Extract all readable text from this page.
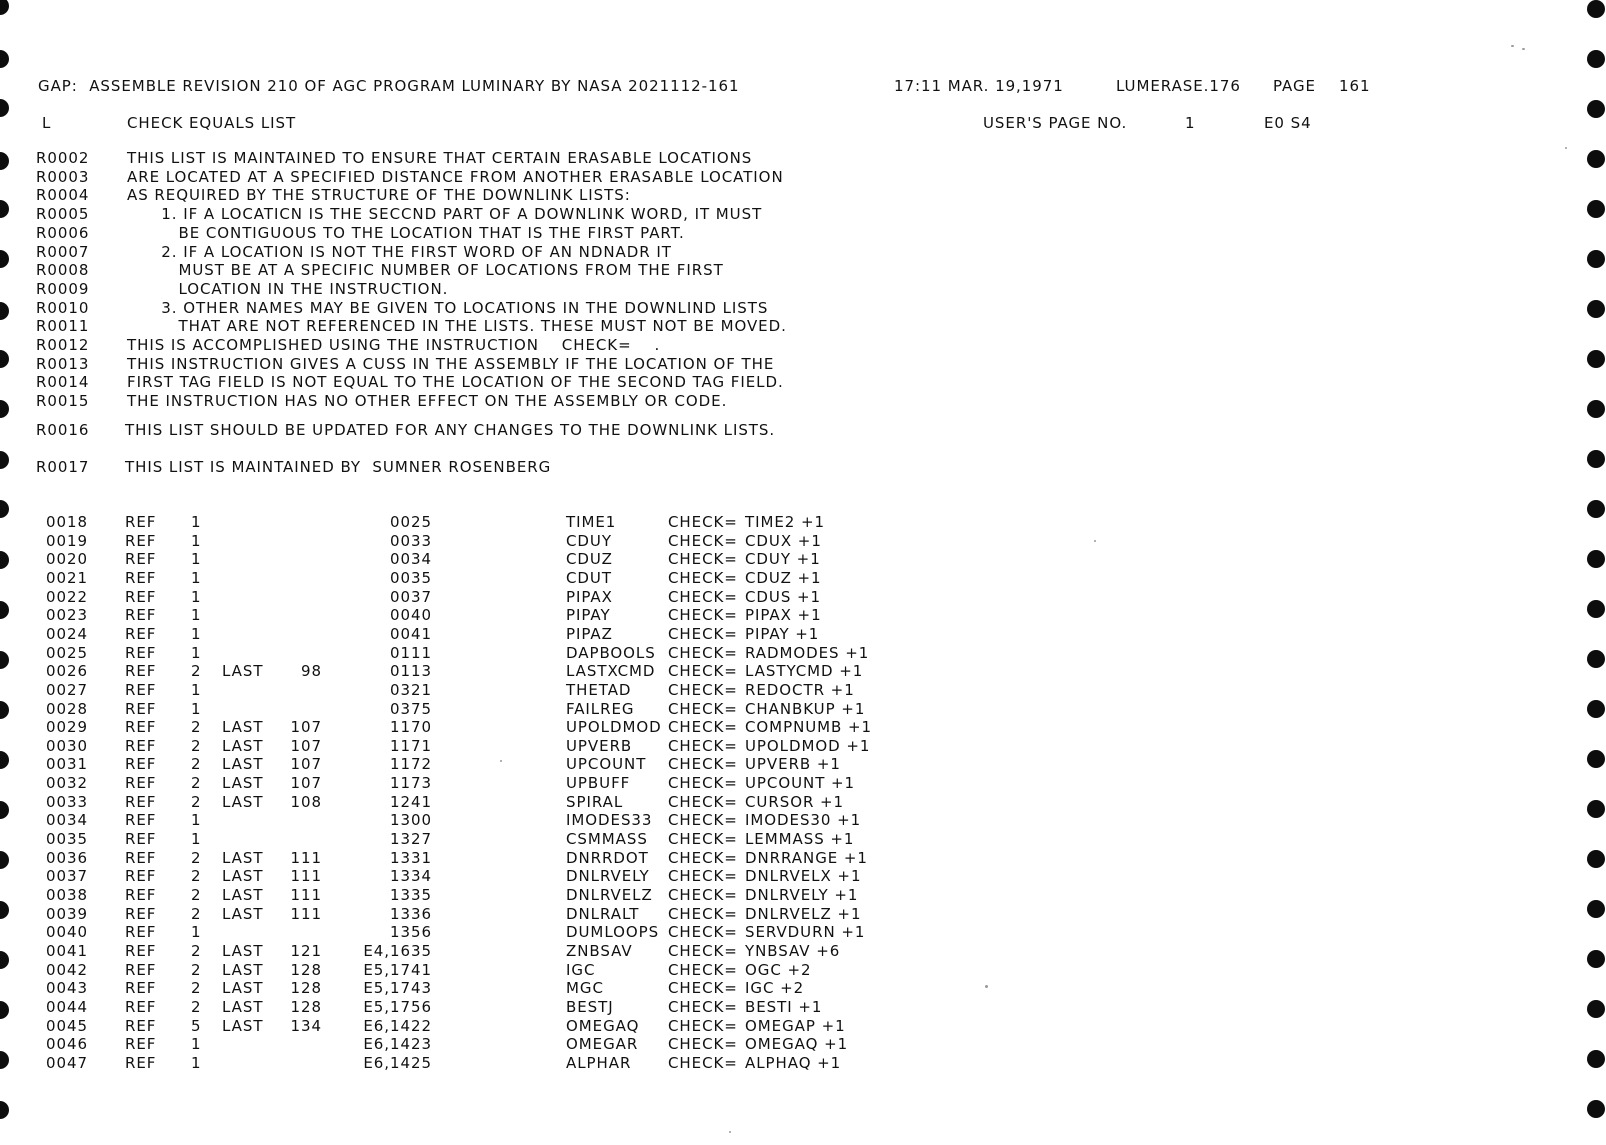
GAP:  ASSEMBLE REVISION 210 OF AGC PROGRAM LUMINARY BY NASA 2021112-161	17:11 MAR. 19,1971	LUMERASE.176 PAGE 161
L	CHECK EQUALS LIST	USER'S PAGE NO.	1	E0 S4
R0002	THIS LIST IS MAINTAINED TO ENSURE THAT CERTAIN ERASABLE LOCATIONS
R0003	ARE LOCATED AT A SPECIFIED DISTANCE FROM ANOTHER ERASABLE LOCATION
R0004	AS REQUIRED BY THE STRUCTURE OF THE DOWNLINK LISTS:
R0005	1. IF A LOCATICN IS THE SECCND PART OF A DOWNLINK WORD, IT MUST
R0006	BE CONTIGUOUS TO THE LOCATION THAT IS THE FIRST PART.
R0007	2. IF A LOCATION IS NOT THE FIRST WORD OF AN NDNADR IT
R0008	MUST BE AT A SPECIFIC NUMBER OF LOCATIONS FROM THE FIRST
R0009	LOCATION IN THE INSTRUCTION.
R0010	3. OTHER NAMES MAY BE GIVEN TO LOCATIONS IN THE DOWNLIND LISTS
R0011	THAT ARE NOT REFERENCED IN THE LISTS. THESE MUST NOT BE MOVED.
R0012	THIS IS ACCOMPLISHED USING THE INSTRUCTION    CHECK=    .
R0013	THIS INSTRUCTION GIVES A CUSS IN THE ASSEMBLY IF THE LOCATION OF THE
R0014	FIRST TAG FIELD IS NOT EQUAL TO THE LOCATION OF THE SECOND TAG FIELD.
R0015	THE INSTRUCTION HAS NO OTHER EFFECT ON THE ASSEMBLY OR CODE.
R0016 THIS LIST SHOULD BE UPDATED FOR ANY CHANGES TO THE DOWNLINK LISTS.
R0017 THIS LIST IS MAINTAINED BY  SUMNER ROSENBERG
0018 REF 1	0025	TIME1	CHECK= TIME2 +1
0019 REF 1	0033	CDUY	CHECK= CDUX +1
0020 REF 1	0034	CDUZ	CHECK= CDUY +1
0021 REF 1	0035	CDUT	CHECK= CDUZ +1
0022 REF 1	0037	PIPAX	CHECK= CDUS +1
0023 REF 1	0040	PIPAY	CHECK= PIPAX +1
0024 REF 1	0041	PIPAZ	CHECK= PIPAY +1
0025 REF 1	0111	DAPBOOLS CHECK= RADMODES +1
0026 REF 2 LAST	98	0113	LASTXCMD CHECK= LASTYCMD +1
0027 REF 1	0321	THETAD CHECK= REDOCTR +1
0028 REF 1	0375	FAILREG CHECK= CHANBKUP +1
0029 REF 2 LAST 107	1170	UPOLDMOD CHECK= COMPNUMB +1
0030 REF 2 LAST 107	1171	UPVERB CHECK= UPOLDMOD +1
0031 REF 2 LAST 107	1172	UPCOUNT CHECK= UPVERB +1
0032 REF 2 LAST 107	1173	UPBUFF	CHECK= UPCOUNT +1
0033 REF 2 LAST 108	1241	SPIRAL	CHECK= CURSOR +1
0034 REF 1	1300	IMODES33 CHECK= IMODES30 +1
0035 REF 1	1327	CSMMASS CHECK= LEMMASS +1
0036 REF 2 LAST 111	1331	DNRRDOT CHECK= DNRRANGE +1
0037 REF 2 LAST 111	1334	DNLRVELY CHECK= DNLRVELX +1
0038 REF 2 LAST 111	1335	DNLRVELZ CHECK= DNLRVELY +1
0039 REF 2 LAST 111	1336	DNLRALT CHECK= DNLRVELZ +1
0040 REF 1	1356	DUMLOOPS CHECK= SERVDURN +1
0041 REF 2 LAST 121	E4,1635	ZNBSAV CHECK= YNBSAV +6
0042 REF 2 LAST 128	E5,1741	IGC	CHECK= OGC +2
0043 REF 2 LAST 128	E5,1743	MGC	CHECK= IGC +2
0044 REF 2 LAST 128	E5,1756	BESTJ	CHECK= BESTI +1
0045 REF 5 LAST 134	E6,1422	OMEGAQ CHECK= OMEGAP +1
0046 REF 1	E6,1423	OMEGAR CHECK= OMEGAQ +1
0047 REF 1	E6,1425	ALPHAR CHECK= ALPHAQ +1
